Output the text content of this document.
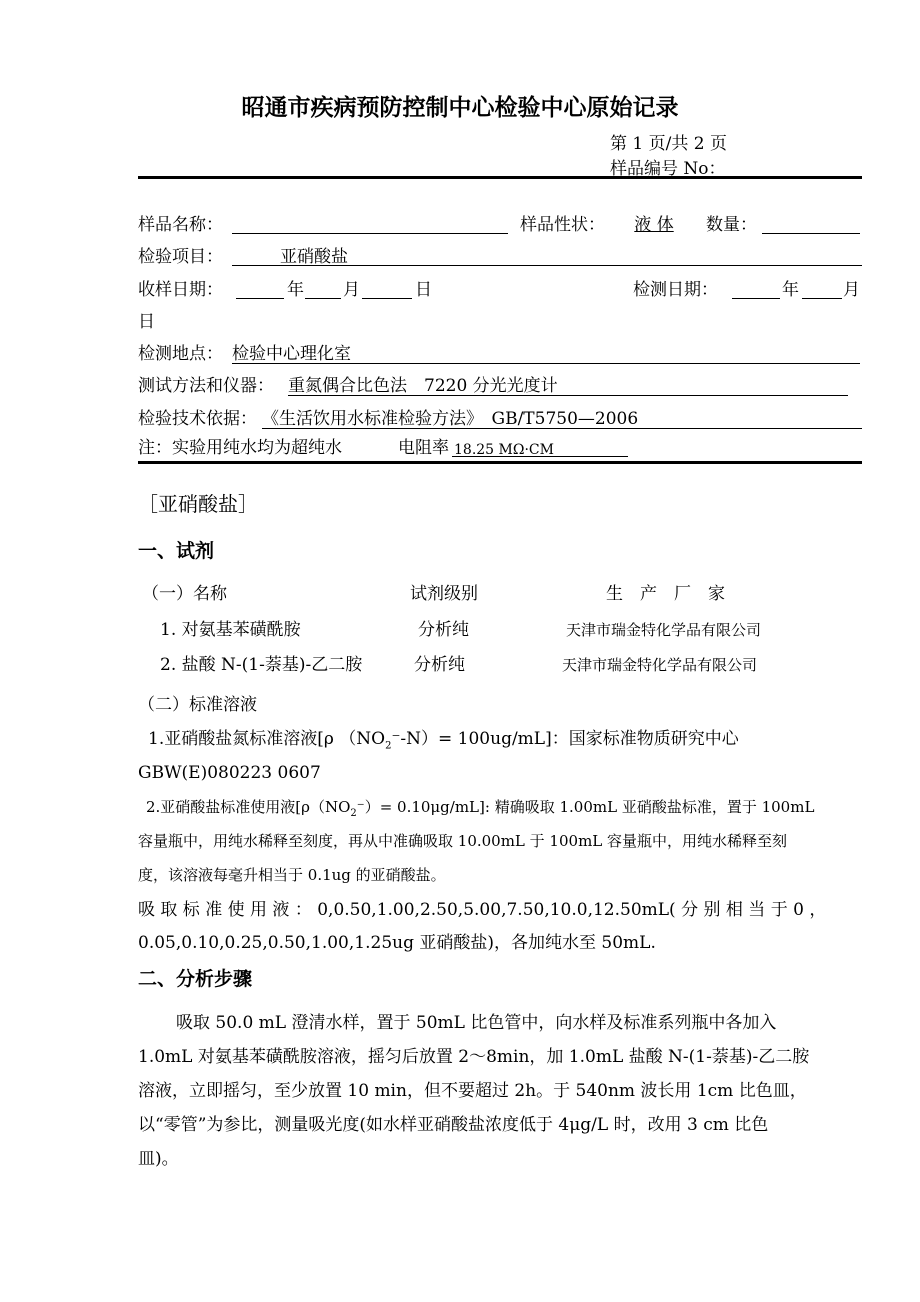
昭通市疾病预防控制中心检验中心原始记录
第 1 页/共 2 页
样品编号 No：
样品名称：	样品性状：	液 体	数量：
检验项目：	亚硝酸盐
收样日期：	年 月	日	检测日期：	年	月
日
检测地点： 检验中心理化室
测试方法和仪器： 重氮偶合比色法　7220 分光光度计
检验技术依据： 《生活饮用水标准检验方法》　GB/T5750—2006
注：实验用纯水均为超纯水	电阻率 18.25 MΩ·CM
［亚硝酸盐］
一、试剂
（一）名称	试剂级别	生　产　厂　家
1. 对氨基苯磺酰胺	分析纯	天津市瑞金特化学品有限公司
2. 盐酸 N-(1-萘基)-乙二胺	分析纯	天津市瑞金特化学品有限公司
（二）标准溶液
1.亚硝酸盐氮标准溶液[ρ $(NO_2^--N)= 100ug/mL$]：国家标准物质研究中心
GBW(E)080223 0607
2.亚硝酸盐标准使用液$[\rho(NO_2^-)= 0.10\mu g/mL]$: 精确吸取 1.00mL 亚硝酸盐标准，置于 100mL
容量瓶中，用纯水稀释至刻度，再从中准确吸取 10.00mL 于 100mL 容量瓶中，用纯水稀释至刻
度，该溶液每毫升相当于 0.1ug 的亚硝酸盐。
吸 取 标 准 使 用 液 ： 0,0.50,1.00,2.50,5.00,7.50,10.0,12.50mL( 分 别 相 当 于 0 ，
0.05,0.10,0.25,0.50,1.00,1.25ug 亚硝酸盐)，各加纯水至 50mL.
二、分析步骤
吸取 50.0 mL 澄清水样，置于 50mL 比色管中，向水样及标准系列瓶中各加入
1.0mL 对氨基苯磺酰胺溶液，摇匀后放置 2～8min，加 1.0mL 盐酸 N-(1-萘基)-乙二胺
溶液，立即摇匀，至少放置 10 min，但不要超过 2h。于 540nm 波长用 1cm 比色皿，
以“零管”为参比，测量吸光度(如水样亚硝酸盐浓度低于 4μg/L 时，改用 3 cm 比色
皿)。
